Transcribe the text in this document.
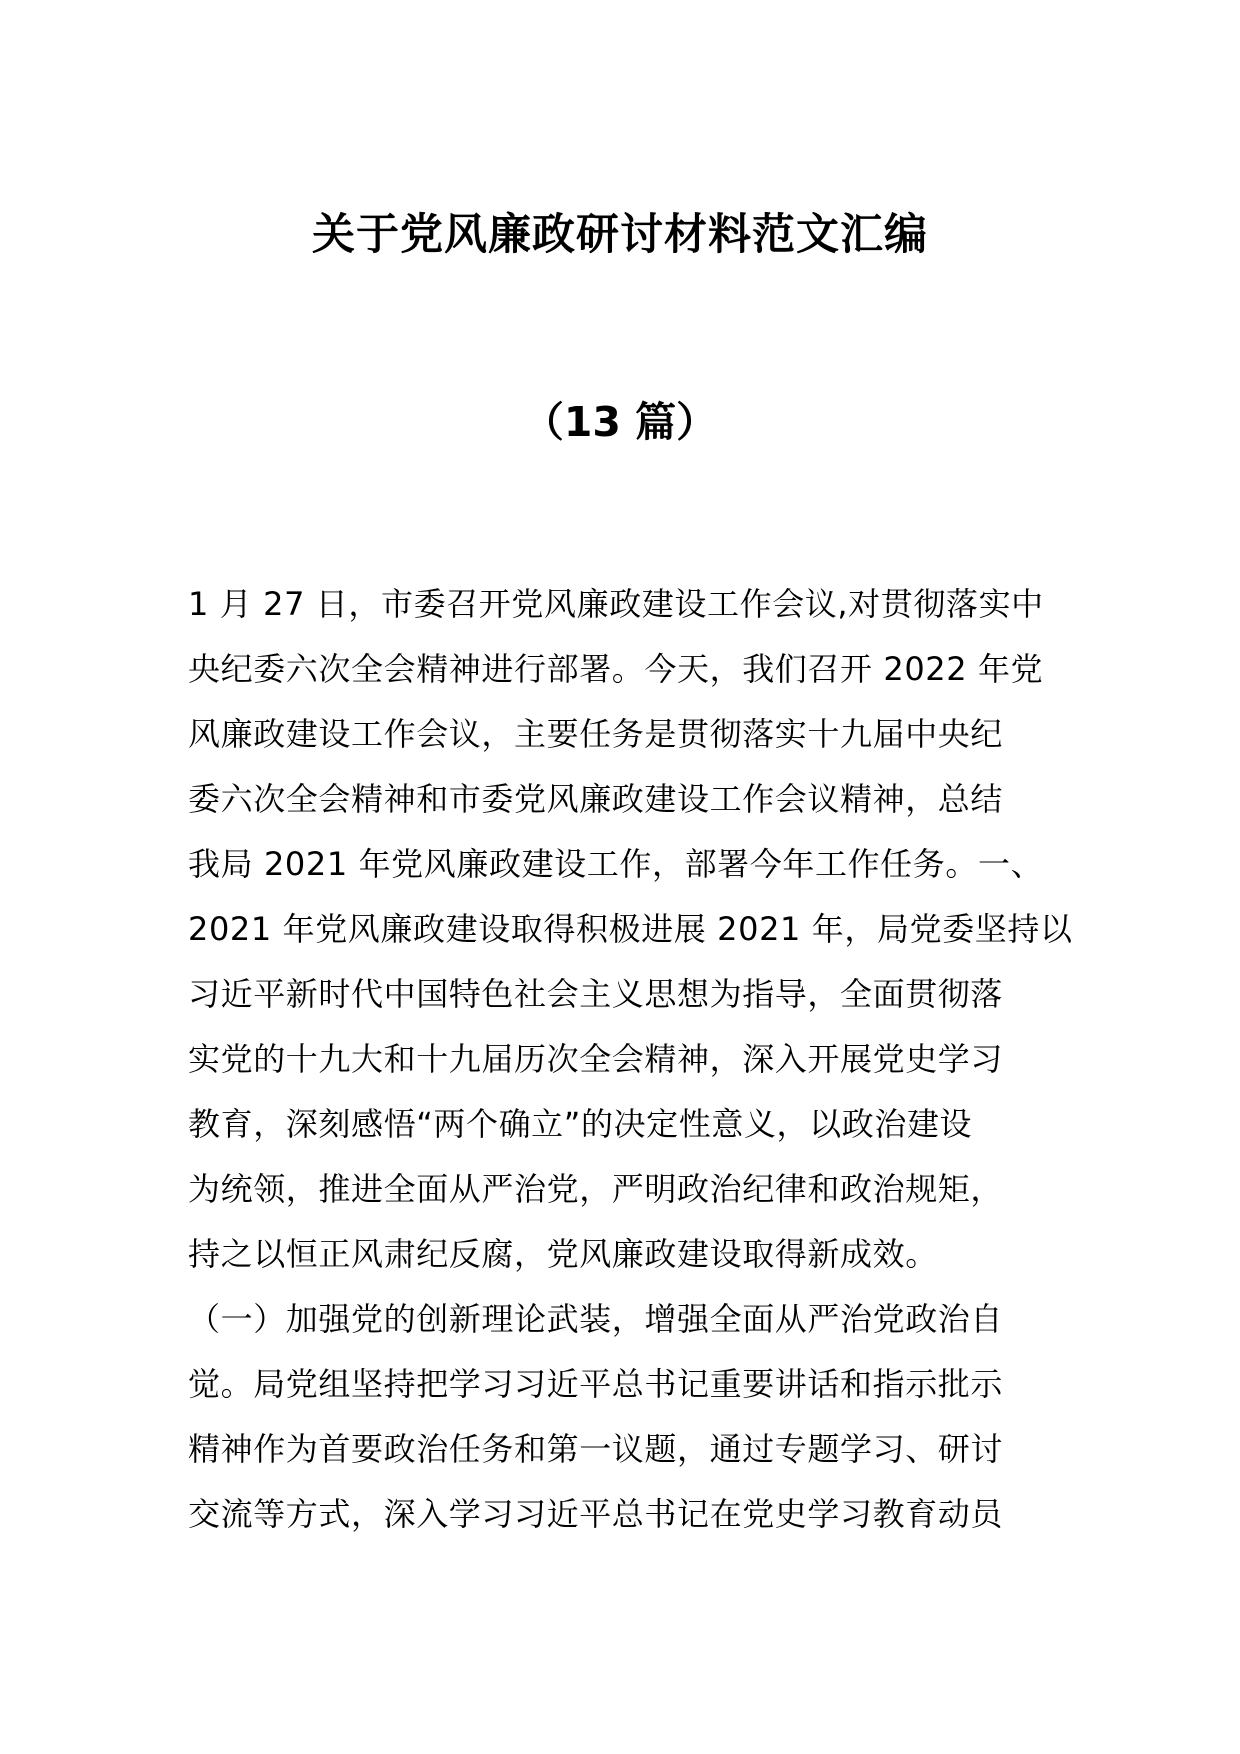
关于党风廉政研讨材料范文汇编
（13 篇）
1 月 27 日，市委召开党风廉政建设工作会议,对贯彻落实中
央纪委六次全会精神进行部署。今天，我们召开 2022 年党
风廉政建设工作会议，主要任务是贯彻落实十九届中央纪
委六次全会精神和市委党风廉政建设工作会议精神，总结
我局 2021 年党风廉政建设工作，部署今年工作任务。一、
2021 年党风廉政建设取得积极进展 2021 年，局党委坚持以
习近平新时代中国特色社会主义思想为指导，全面贯彻落
实党的十九大和十九届历次全会精神，深入开展党史学习
教育，深刻感悟“两个确立”的决定性意义，以政治建设
为统领，推进全面从严治党，严明政治纪律和政治规矩，
持之以恒正风肃纪反腐，党风廉政建设取得新成效。
（一）加强党的创新理论武装，增强全面从严治党政治自
觉。局党组坚持把学习习近平总书记重要讲话和指示批示
精神作为首要政治任务和第一议题，通过专题学习、研讨
交流等方式，深入学习习近平总书记在党史学习教育动员
